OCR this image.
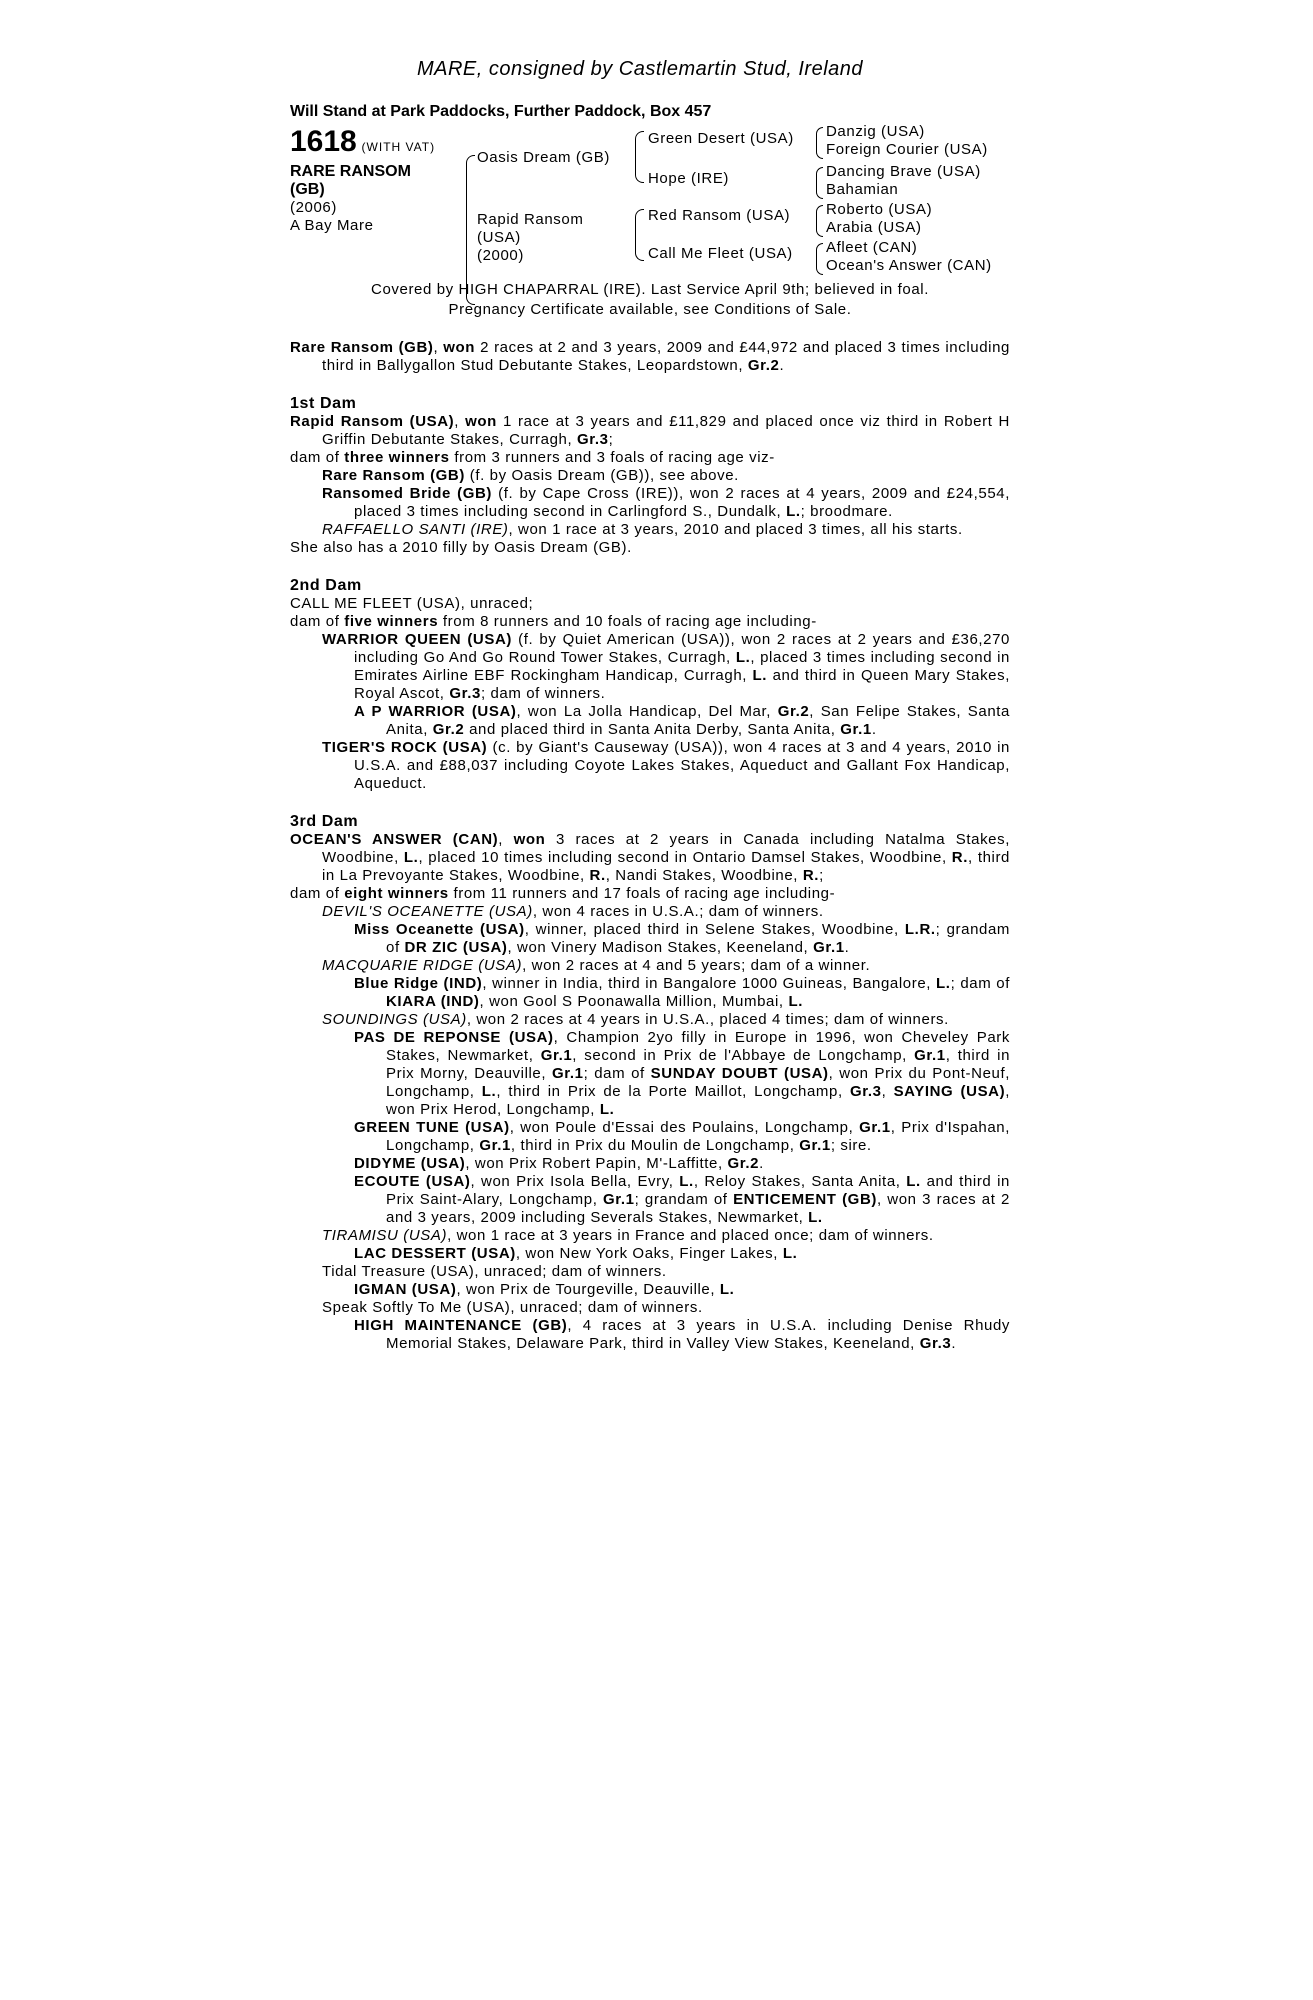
MARE, consigned by Castlemartin Stud, Ireland
Will Stand at Park Paddocks, Further Paddock, Box 457
1618 (WITH VAT)
RARE RANSOM
(GB)
(2006)
A Bay Mare
Oasis Dream (GB)
Rapid Ransom
(USA)
(2000)
Green Desert (USA)
Hope (IRE)
Red Ransom (USA)
Call Me Fleet (USA)
Danzig (USA)
Foreign Courier (USA)
Dancing Brave (USA)
Bahamian
Roberto (USA)
Arabia (USA)
Afleet (CAN)
Ocean's Answer (CAN)
Covered by HIGH CHAPARRAL (IRE). Last Service April 9th; believed in foal.
Pregnancy Certificate available, see Conditions of Sale.
Rare Ransom (GB), won 2 races at 2 and 3 years, 2009 and £44,972 and placed 3 times including third in Ballygallon Stud Debutante Stakes, Leopardstown, Gr.2.
1st Dam
Rapid Ransom (USA), won 1 race at 3 years and £11,829 and placed once viz third in Robert H Griffin Debutante Stakes, Curragh, Gr.3;
dam of three winners from 3 runners and 3 foals of racing age viz-
Rare Ransom (GB) (f. by Oasis Dream (GB)), see above.
Ransomed Bride (GB) (f. by Cape Cross (IRE)), won 2 races at 4 years, 2009 and £24,554, placed 3 times including second in Carlingford S., Dundalk, L.; broodmare.
RAFFAELLO SANTI (IRE), won 1 race at 3 years, 2010 and placed 3 times, all his starts.
She also has a 2010 filly by Oasis Dream (GB).
2nd Dam
CALL ME FLEET (USA), unraced;
dam of five winners from 8 runners and 10 foals of racing age including-
WARRIOR QUEEN (USA) (f. by Quiet American (USA)), won 2 races at 2 years and £36,270 including Go And Go Round Tower Stakes, Curragh, L., placed 3 times including second in Emirates Airline EBF Rockingham Handicap, Curragh, L. and third in Queen Mary Stakes, Royal Ascot, Gr.3; dam of winners.
A P WARRIOR (USA), won La Jolla Handicap, Del Mar, Gr.2, San Felipe Stakes, Santa Anita, Gr.2 and placed third in Santa Anita Derby, Santa Anita, Gr.1.
TIGER'S ROCK (USA) (c. by Giant's Causeway (USA)), won 4 races at 3 and 4 years, 2010 in U.S.A. and £88,037 including Coyote Lakes Stakes, Aqueduct and Gallant Fox Handicap, Aqueduct.
3rd Dam
OCEAN'S ANSWER (CAN), won 3 races at 2 years in Canada including Natalma Stakes, Woodbine, L., placed 10 times including second in Ontario Damsel Stakes, Woodbine, R., third in La Prevoyante Stakes, Woodbine, R., Nandi Stakes, Woodbine, R.;
dam of eight winners from 11 runners and 17 foals of racing age including-
DEVIL'S OCEANETTE (USA), won 4 races in U.S.A.; dam of winners.
Miss Oceanette (USA), winner, placed third in Selene Stakes, Woodbine, L.R.; grandam of DR ZIC (USA), won Vinery Madison Stakes, Keeneland, Gr.1.
MACQUARIE RIDGE (USA), won 2 races at 4 and 5 years; dam of a winner.
Blue Ridge (IND), winner in India, third in Bangalore 1000 Guineas, Bangalore, L.; dam of KIARA (IND), won Gool S Poonawalla Million, Mumbai, L.
SOUNDINGS (USA), won 2 races at 4 years in U.S.A., placed 4 times; dam of winners.
PAS DE REPONSE (USA), Champion 2yo filly in Europe in 1996, won Cheveley Park Stakes, Newmarket, Gr.1, second in Prix de l'Abbaye de Longchamp, Gr.1, third in Prix Morny, Deauville, Gr.1; dam of SUNDAY DOUBT (USA), won Prix du Pont-Neuf, Longchamp, L., third in Prix de la Porte Maillot, Longchamp, Gr.3, SAYING (USA), won Prix Herod, Longchamp, L.
GREEN TUNE (USA), won Poule d'Essai des Poulains, Longchamp, Gr.1, Prix d'Ispahan, Longchamp, Gr.1, third in Prix du Moulin de Longchamp, Gr.1; sire.
DIDYME (USA), won Prix Robert Papin, M'-Laffitte, Gr.2.
ECOUTE (USA), won Prix Isola Bella, Evry, L., Reloy Stakes, Santa Anita, L. and third in Prix Saint-Alary, Longchamp, Gr.1; grandam of ENTICEMENT (GB), won 3 races at 2 and 3 years, 2009 including Severals Stakes, Newmarket, L.
TIRAMISU (USA), won 1 race at 3 years in France and placed once; dam of winners.
LAC DESSERT (USA), won New York Oaks, Finger Lakes, L.
Tidal Treasure (USA), unraced; dam of winners.
IGMAN (USA), won Prix de Tourgeville, Deauville, L.
Speak Softly To Me (USA), unraced; dam of winners.
HIGH MAINTENANCE (GB), 4 races at 3 years in U.S.A. including Denise Rhudy Memorial Stakes, Delaware Park, third in Valley View Stakes, Keeneland, Gr.3.
